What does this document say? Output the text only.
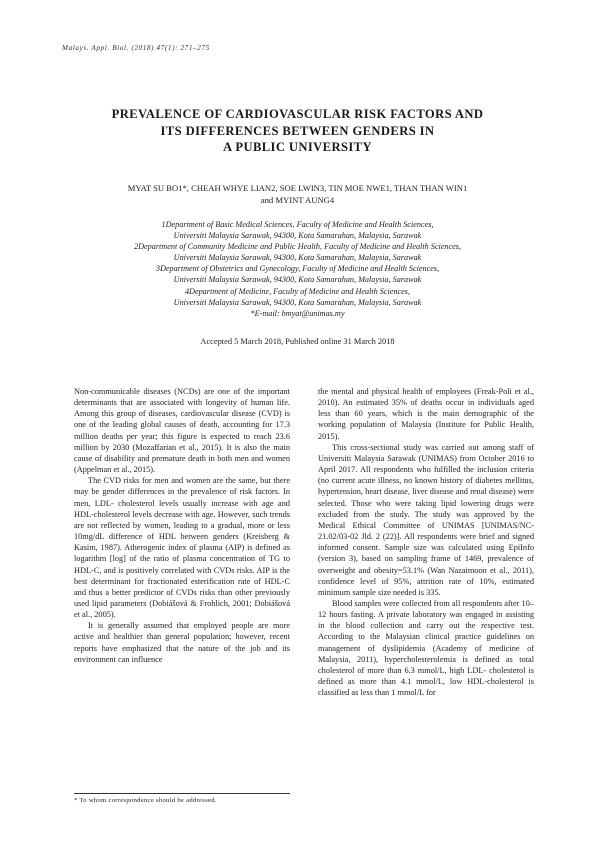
Malays. Appl. Biol. (2018) 47(1): 271–275
PREVALENCE OF CARDIOVASCULAR RISK FACTORS AND
ITS DIFFERENCES BETWEEN GENDERS IN
A PUBLIC UNIVERSITY
MYAT SU BO1*, CHEAH WHYE LIAN2, SOE LWIN3, TIN MOE NWE1, THAN THAN WIN1
and MYINT AUNG4
1Department of Basic Medical Sciences, Faculty of Medicine and Health Sciences,
Universiti Malaysia Sarawak, 94300, Kota Samarahan, Malaysia, Sarawak
2Department of Community Medicine and Public Health, Faculty of Medicine and Health Sciences,
Universiti Malaysia Sarawak, 94300, Kota Samarahan, Malaysia, Sarawak
3Department of Obstetrics and Gynecology, Faculty of Medicine and Health Sciences,
Universiti Malaysia Sarawak, 94300, Kota Samarahan, Malaysia, Sarawak
4Department of Medicine, Faculty of Medicine and Health Sciences,
Universiti Malaysia Sarawak, 94300, Kota Samarahan, Malaysia, Sarawak
*E-mail: bmyat@unimas.my
Accepted 5 March 2018, Published online 31 March 2018

Non-communicable diseases (NCDs) are one of the important determinants that are associated with longevity of human life. Among this group of diseases, cardiovascular disease (CVD) is one of the leading global causes of death, accounting for 17.3 million deaths per year; this figure is expected to reach 23.6 million by 2030 (Mozaffarian et al., 2015). It is also the main cause of disability and premature death in both men and women (Appelman et al., 2015).

The CVD risks for men and women are the same, but there may be gender differences in the prevalence of risk factors. In men, LDL- cholesterol levels usually increase with age and HDL-cholesterol levels decrease with age. However, such trends are not reflected by women, leading to a gradual, more or less 10mg/dL difference of HDL between genders (Kreisberg & Kasim, 1987). Atherogenic index of plasma (AIP) is defined as logarithm [log] of the ratio of plasma concentration of TG to HDL-C, and is positively correlated with CVDs risks. AIP is the best determinant for fractionated esterification rate of HDL-C and thus a better predictor of CVDs risks than other previously used lipid parameters (Dobiášová & Frohlich, 2001; Dobiášová et al., 2005).

It is generally assumed that employed people are more active and healthier than general population; however, recent reports have emphasized that the nature of the job and its environment can influence

the mental and physical health of employees (Freak-Poli et al., 2010). An estimated 35% of deaths occur in individuals aged less than 60 years, which is the main demographic of the working population of Malaysia (Institute for Public Health, 2015).

This cross-sectional study was carried out among staff of Universiti Malaysia Sarawak (UNIMAS) from October 2016 to April 2017. All respondents who fulfilled the inclusion criteria (no current acute illness, no known history of diabetes mellitus, hypertension, heart disease, liver disease and renal disease) were selected. Those who were taking lipid lowering drugs were excluded from the study. The study was approved by the Medical Ethical Committee of UNIMAS [UNIMAS/NC-21.02/03-02 Jld. 2 (22)]. All respondents were brief and signed informed consent. Sample size was calculated using EpiInfo (version 3), based on sampling frame of 1469, prevalence of overweight and obesity=53.1% (Wan Nazaimoon et al., 2011), confidence level of 95%, attrition rate of 10%, estimated minimum sample size needed is 335.

Blood samples were collected from all respondents after 10–12 hours fasting. A private laboratory was engaged in assisting in the blood collection and carry out the respective test. According to the Malaysian clinical practice guidelines on management of dyslipidemia (Academy of medicine of Malaysia, 2011), hypercholesterolemia is defined as total cholesterol of more than 6.3 mmol/L, high LDL- cholesterol is defined as more than 4.1 mmol/L, low HDL-cholesterol is classified as less than 1 mmol/L for

* To whom correspondence should be addressed.
